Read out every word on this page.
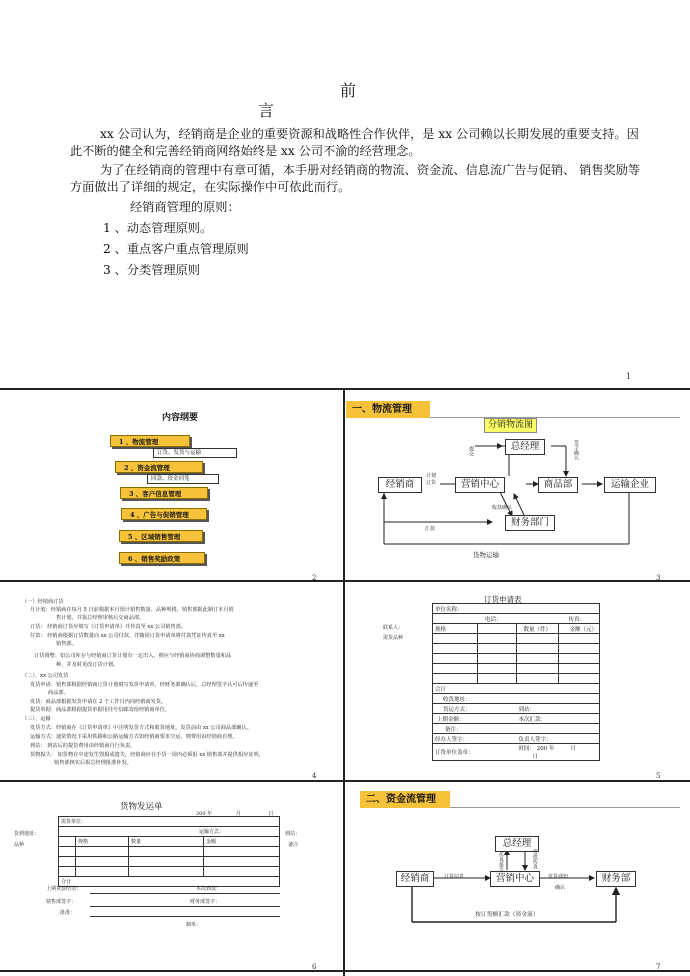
前
言
xx 公司认为，经销商是企业的重要资源和战略性合作伙伴，是 xx 公司赖以长期发展的重要支持。因此不断的健全和完善经销商网络始终是 xx 公司不渝的经营理念。
为了在经销商的管理中有章可循，本手册对经销商的物流、资金流、信息流广告与促销、 销售奖励等方面做出了详细的规定，在实际操作中可依此而行。
经销商管理的原则：
1 、动态管理原则。
2 、重点客户重点管理原则
3 、分类管理原则
1
内容纲要
1 、物流管理
订货、发货与运输
2 、资金流管理
回款、资金回笼
3 、客户信息管理
4 、广告与促销管理
5 、区域销售管理
6 、销售奖励政策
2
一、物流管理
分销物流图
总经理
经销商	营销中心	商品部	运输企业
财务部门
提交	签字确认
计划
订货
收款确认
汇款
货物运输
3
（一）经销商订货
月计划：经销商在每月 5 日前根据本月预计销售数量、品种规格，销售部据此制订本月销
售计划，并报总经理审核后交商品部。
订货： 经销商订货应填写《订货申请单》并传真至 xx 公司销售部。
付款： 经销商根据订货数量向 xx 公司付款，并随同订货申请单将付款凭证传真至 xx
销售部。
订货调整：如公司库存与经销商订货计划有一定出入，则应与经销商协商调整数量和品
种，并及时更改订货计划。
（二）、xx 公司发货
发货申请：销售部根据经销商订货计划填写发货申请单，经财务部确认后，总经理签字认可后传递至
商品部。
发货：商品部根据发货申请在 2 个工作日内向经销商发货。
提货单据：商品部根据提货单据用挂号信邮寄给经销商单位。
（三）、运输
发货方式：经销商在《订货申请单》中注明发货方式和收货地址。发货前由 xx 公司商品部确认。
运输方式：通常情况下采用铁路和公路运输方式如经销商要求空运，则费用由经销商自理。
到站： 到站后的提货费用由经销商自行负责。
货物损失： 如货物在中途发生毁损或遗失，经销商应在手货一周内必须报 xx 销售部并提供相应证明，
销售部核实后报总经理批准补发。
4
订货申请表
联系人：
需货品种
单位名称：			
电话：		传真：	
规格		数量（件）	金额（元）

合计			
收货地址：			
货运方式：		到站：	
上期金额：		本次汇款：	
备注：			
经办人签字：		负责人签字：	
订货单位盖章：		时间： 200 年 月 日	
5
货物发运单
200 年	月	日
货到地址：
品种
到站：
备注
需货单位：			
运输方式：			
	规格	数量	金额

合计			
上期货款结余：	本次到款：
销售部签字：	财务部签字：
批准：
制单：
6
二、资金流管理
总经理
经销商	营销中心	财务部
订货信息	发货通知
确认
传真报告	签批传真
按订货额汇款（资金流）
7
